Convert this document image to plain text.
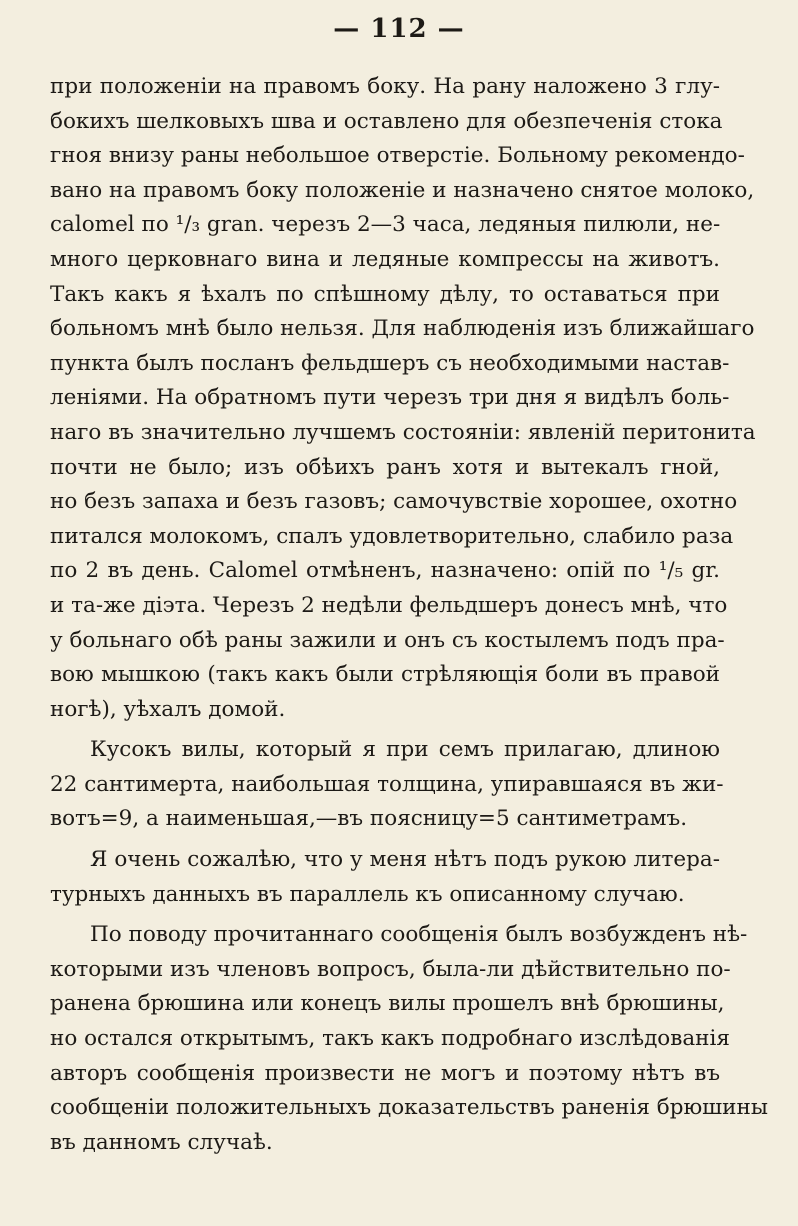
— 112 —
при положеніи на правомъ боку. На рану наложено 3 глу-
бокихъ шелковыхъ шва и оставлено для обезпеченія стока
гноя внизу раны небольшое отверстіе. Больному рекомендо-
вано на правомъ боку положеніе и назначено снятое молоко,
calomel по ¹/₃ gran. черезъ 2—3 часа, ледяныя пилюли, не-
много церковнаго вина и ледяные компрессы на животъ.
Такъ какъ я ѣхалъ по спѣшному дѣлу, то оставаться при
больномъ мнѣ было нельзя. Для наблюденія изъ ближайшаго
пункта былъ посланъ фельдшеръ съ необходимыми настав-
леніями. На обратномъ пути черезъ три дня я видѣлъ боль-
наго въ значительно лучшемъ состояніи: явленій перитонита
почти не было; изъ обѣихъ ранъ хотя и вытекалъ гной,
но безъ запаха и безъ газовъ; самочувствіе хорошее, охотно
питался молокомъ, спалъ удовлетворительно, слабило раза
по 2 въ день. Calomel отмѣненъ, назначено: опій по ¹/₅ gr.
и та-же діэта. Черезъ 2 недѣли фельдшеръ донесъ мнѣ, что
у больнаго обѣ раны зажили и онъ съ костылемъ подъ пра-
вою мышкою (такъ какъ были стрѣляющія боли въ правой
ногѣ), уѣхалъ домой.
Кусокъ вилы, который я при семъ прилагаю, длиною
22 сантимерта, наибольшая толщина, упиравшаяся въ жи-
вотъ=9, а наименьшая,—въ поясницу=5 сантиметрамъ.
Я очень сожалѣю, что у меня нѣтъ подъ рукою литера-
турныхъ данныхъ въ параллель къ описанному случаю.
По поводу прочитаннаго сообщенія былъ возбужденъ нѣ-
которыми изъ членовъ вопросъ, была-ли дѣйствительно по-
ранена брюшина или конецъ вилы прошелъ внѣ брюшины,
но остался открытымъ, такъ какъ подробнаго изслѣдованія
авторъ сообщенія произвести не могъ и поэтому нѣтъ въ
сообщеніи положительныхъ доказательствъ раненія брюшины
въ данномъ случаѣ.
